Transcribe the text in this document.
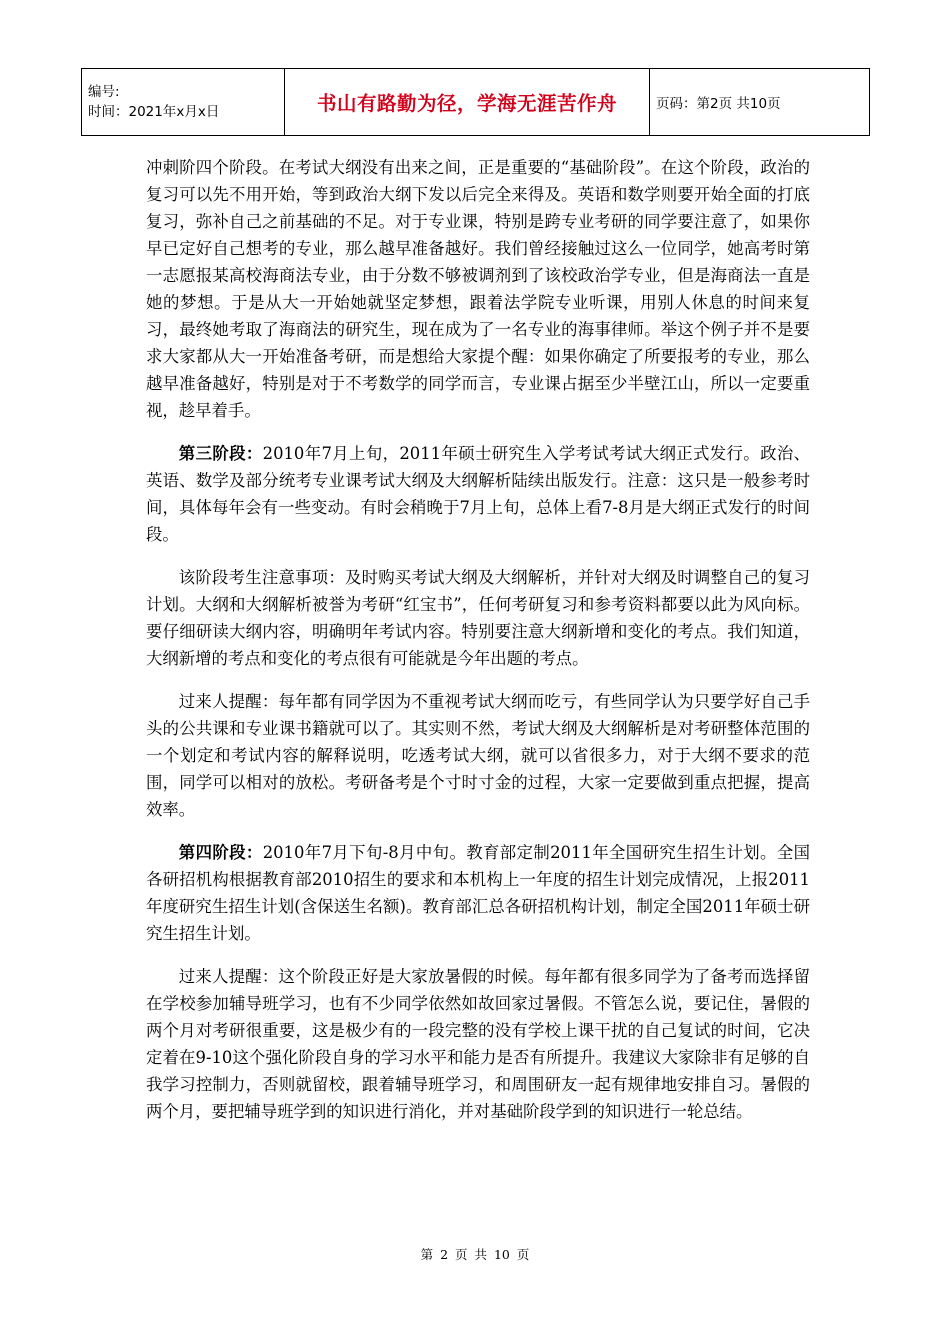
编号:
时间：2021年x月x日	书山有路勤为径，学海无涯苦作舟	页码：第2页 共10页

冲刺阶四个阶段。在考试大纲没有出来之间，正是重要的“基础阶段”。在这个阶段，政治的复习可以先不用开始，等到政治大纲下发以后完全来得及。英语和数学则要开始全面的打底复习，弥补自己之前基础的不足。对于专业课，特别是跨专业考研的同学要注意了，如果你早已定好自己想考的专业，那么越早准备越好。我们曾经接触过这么一位同学，她高考时第一志愿报某高校海商法专业，由于分数不够被调剂到了该校政治学专业，但是海商法一直是她的梦想。于是从大一开始她就坚定梦想，跟着法学院专业听课，用别人休息的时间来复习，最终她考取了海商法的研究生，现在成为了一名专业的海事律师。举这个例子并不是要求大家都从大一开始准备考研，而是想给大家提个醒：如果你确定了所要报考的专业，那么越早准备越好，特别是对于不考数学的同学而言，专业课占据至少半壁江山，所以一定要重视，趁早着手。

第三阶段：2010年7月上旬，2011年硕士研究生入学考试考试大纲正式发行。政治、英语、数学及部分统考专业课考试大纲及大纲解析陆续出版发行。注意：这只是一般参考时间，具体每年会有一些变动。有时会稍晚于7月上旬，总体上看7-8月是大纲正式发行的时间段。

该阶段考生注意事项：及时购买考试大纲及大纲解析，并针对大纲及时调整自己的复习计划。大纲和大纲解析被誉为考研“红宝书”，任何考研复习和参考资料都要以此为风向标。要仔细研读大纲内容，明确明年考试内容。特别要注意大纲新增和变化的考点。我们知道，大纲新增的考点和变化的考点很有可能就是今年出题的考点。

过来人提醒：每年都有同学因为不重视考试大纲而吃亏，有些同学认为只要学好自己手头的公共课和专业课书籍就可以了。其实则不然，考试大纲及大纲解析是对考研整体范围的一个划定和考试内容的解释说明，吃透考试大纲，就可以省很多力，对于大纲不要求的范围，同学可以相对的放松。考研备考是个寸时寸金的过程，大家一定要做到重点把握，提高效率。

第四阶段：2010年7月下旬-8月中旬。教育部定制2011年全国研究生招生计划。全国各研招机构根据教育部2010招生的要求和本机构上一年度的招生计划完成情况，上报2011年度研究生招生计划(含保送生名额)。教育部汇总各研招机构计划，制定全国2011年硕士研究生招生计划。

过来人提醒：这个阶段正好是大家放暑假的时候。每年都有很多同学为了备考而选择留在学校参加辅导班学习，也有不少同学依然如故回家过暑假。不管怎么说，要记住，暑假的两个月对考研很重要，这是极少有的一段完整的没有学校上课干扰的自己复试的时间，它决定着在9-10这个强化阶段自身的学习水平和能力是否有所提升。我建议大家除非有足够的自我学习控制力，否则就留校，跟着辅导班学习，和周围研友一起有规律地安排自习。暑假的两个月，要把辅导班学到的知识进行消化，并对基础阶段学到的知识进行一轮总结。

第 2 页 共 10 页
